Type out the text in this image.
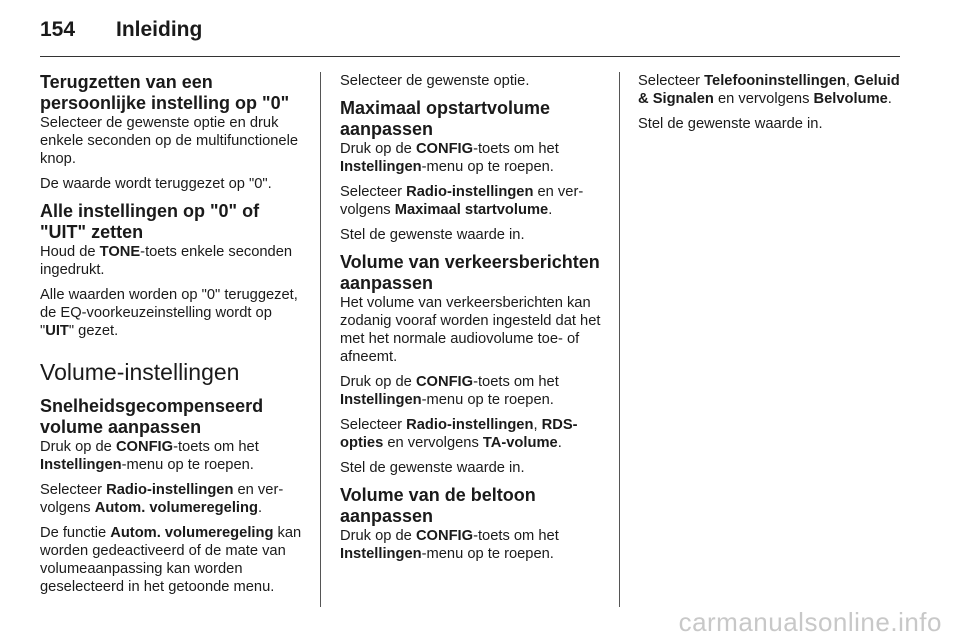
154 Inleiding
Terugzetten van een persoonlijke instelling op "0"

Selecteer de gewenste optie en druk enkele seconden op de multifunctionele knop.

De waarde wordt teruggezet op "0".

Alle instellingen op "0" of "UIT" zetten

Houd de TONE-toets enkele seconden ingedrukt.

Alle waarden worden op "0" teruggezet, de EQ-voorkeuzeinstelling wordt op "UIT" gezet.

Volume-instellingen
Snelheidsgecompenseerd volume aanpassen

Druk op de CONFIG-toets om het Instellingen-menu op te roepen.

Selecteer Radio-instellingen en vervolgens Autom. volumeregeling.

De functie Autom. volumeregeling kan worden gedeactiveerd of de mate van volumeaanpassing kan worden geselecteerd in het getoonde menu.

Selecteer de gewenste optie.

Maximaal opstartvolume aanpassen

Druk op de CONFIG-toets om het Instellingen-menu op te roepen.

Selecteer Radio-instellingen en vervolgens Maximaal startvolume.

Stel de gewenste waarde in.

Volume van verkeersberichten aanpassen

Het volume van verkeersberichten kan zodanig vooraf worden ingesteld dat het met het normale audiovolume toe- of afneemt.

Druk op de CONFIG-toets om het Instellingen-menu op te roepen.

Selecteer Radio-instellingen, RDS-opties en vervolgens TA-volume.

Stel de gewenste waarde in.

Volume van de beltoon aanpassen

Druk op de CONFIG-toets om het Instellingen-menu op te roepen.

Selecteer Telefooninstellingen, Geluid & Signalen en vervolgens Belvolume.

Stel de gewenste waarde in.

carmanualsonline.info
